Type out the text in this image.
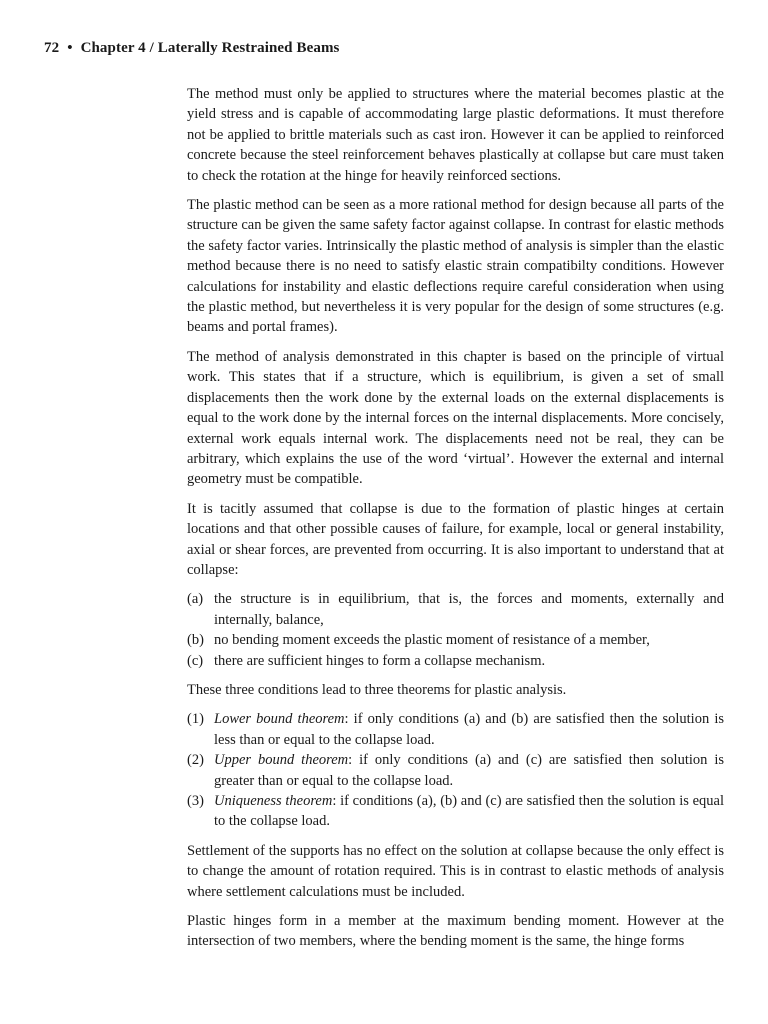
72 • Chapter 4 / Laterally Restrained Beams

The method must only be applied to structures where the material becomes plastic at the yield stress and is capable of accommodating large plastic deformations. It must therefore not be applied to brittle materials such as cast iron. However it can be applied to reinforced concrete because the steel reinforcement behaves plastically at collapse but care must taken to check the rotation at the hinge for heavily reinforced sections.

The plastic method can be seen as a more rational method for design because all parts of the structure can be given the same safety factor against collapse. In contrast for elastic methods the safety factor varies. Intrinsically the plastic method of analysis is simpler than the elastic method because there is no need to satisfy elastic strain compatibilty conditions. However calculations for instability and elastic deflections require careful consideration when using the plastic method, but nevertheless it is very popular for the design of some structures (e.g. beams and portal frames).

The method of analysis demonstrated in this chapter is based on the principle of virtual work. This states that if a structure, which is equilibrium, is given a set of small displacements then the work done by the external loads on the external displacements is equal to the work done by the internal forces on the internal displacements. More concisely, external work equals internal work. The displacements need not be real, they can be arbitrary, which explains the use of the word ‘virtual’. However the external and internal geometry must be compatible.

It is tacitly assumed that collapse is due to the formation of plastic hinges at certain locations and that other possible causes of failure, for example, local or general instability, axial or shear forces, are prevented from occurring. It is also important to understand that at collapse:

(a) the structure is in equilibrium, that is, the forces and moments, externally and internally, balance,
(b) no bending moment exceeds the plastic moment of resistance of a member,
(c) there are sufficient hinges to form a collapse mechanism.

These three conditions lead to three theorems for plastic analysis.

(1) Lower bound theorem: if only conditions (a) and (b) are satisfied then the solution is less than or equal to the collapse load.
(2) Upper bound theorem: if only conditions (a) and (c) are satisfied then solution is greater than or equal to the collapse load.
(3) Uniqueness theorem: if conditions (a), (b) and (c) are satisfied then the solution is equal to the collapse load.

Settlement of the supports has no effect on the solution at collapse because the only effect is to change the amount of rotation required. This is in contrast to elastic methods of analysis where settlement calculations must be included.

Plastic hinges form in a member at the maximum bending moment. However at the intersection of two members, where the bending moment is the same, the hinge forms
